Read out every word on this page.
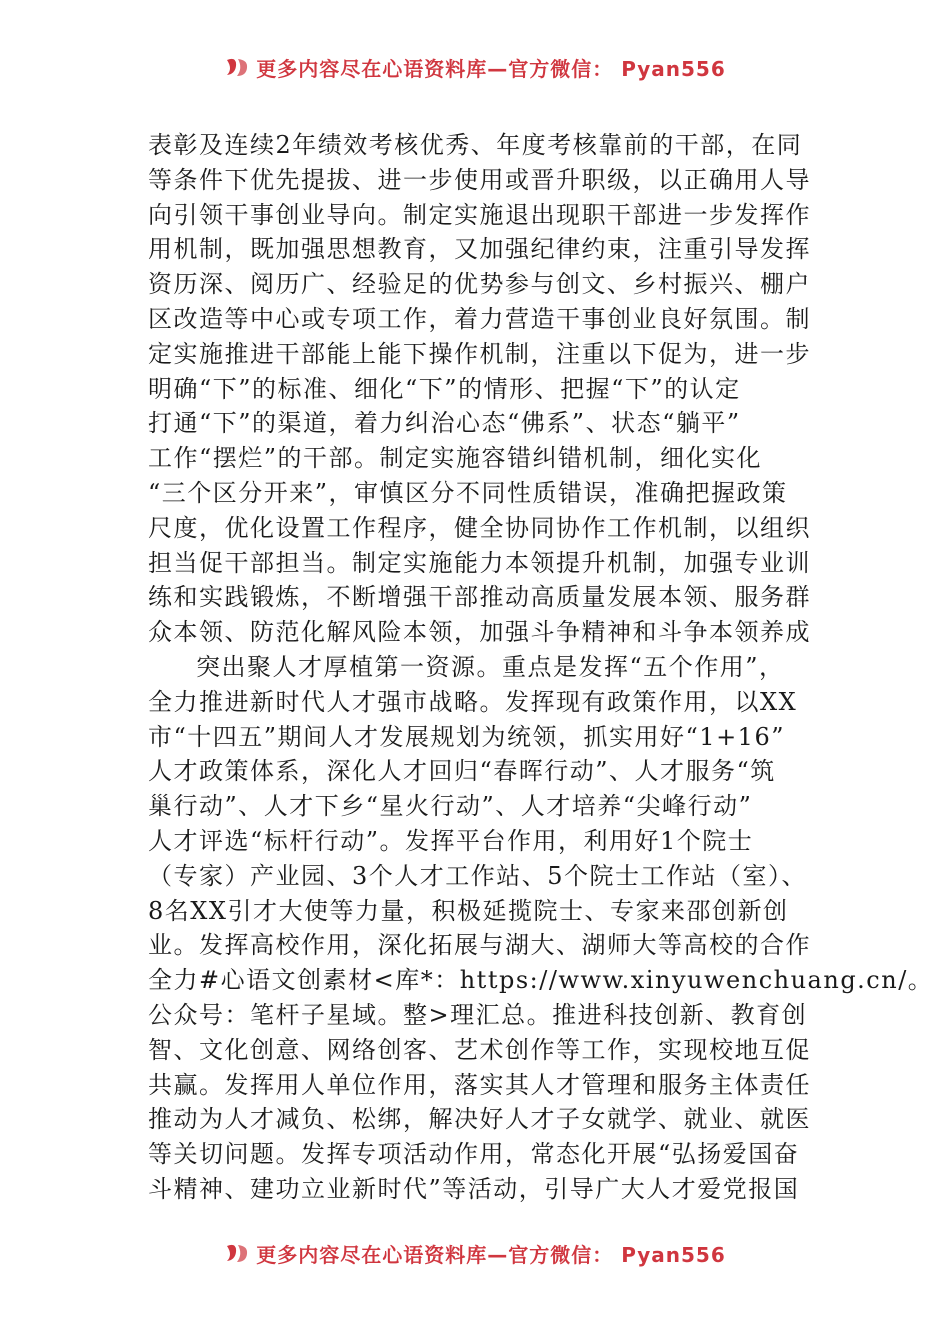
更多内容尽在心语资料库—官方微信： Pyan556
表彰及连续2年绩效考核优秀、年度考核靠前的干部，在同
等条件下优先提拔、进一步使用或晋升职级，以正确用人导
向引领干事创业导向。制定实施退出现职干部进一步发挥作
用机制，既加强思想教育，又加强纪律约束，注重引导发挥
资历深、阅历广、经验足的优势参与创文、乡村振兴、棚户
区改造等中心或专项工作，着力营造干事创业良好氛围。制
定实施推进干部能上能下操作机制，注重以下促为，进一步
明确“下”的标准、细化“下”的情形、把握“下”的认定
打通“下”的渠道，着力纠治心态“佛系”、状态“躺平”
工作“摆烂”的干部。制定实施容错纠错机制，细化实化
“三个区分开来”，审慎区分不同性质错误，准确把握政策
尺度，优化设置工作程序，健全协同协作工作机制，以组织
担当促干部担当。制定实施能力本领提升机制，加强专业训
练和实践锻炼，不断增强干部推动高质量发展本领、服务群
众本领、防范化解风险本领，加强斗争精神和斗争本领养成
突出聚人才厚植第一资源。重点是发挥“五个作用”，
全力推进新时代人才强市战略。发挥现有政策作用，以XX
市“十四五”期间人才发展规划为统领，抓实用好“1+16”
人才政策体系，深化人才回归“春晖行动”、人才服务“筑
巢行动”、人才下乡“星火行动”、人才培养“尖峰行动”
人才评选“标杆行动”。发挥平台作用，利用好1个院士
（专家）产业园、3个人才工作站、5个院士工作站（室）、
8名XX引才大使等力量，积极延揽院士、专家来邵创新创
业。发挥高校作用，深化拓展与湖大、湖师大等高校的合作
全力#心语文创素材<库*：https://www.xinyuwenchuang.cn/。
公众号：笔杆子星域。整>理汇总。推进科技创新、教育创
智、文化创意、网络创客、艺术创作等工作，实现校地互促
共赢。发挥用人单位作用，落实其人才管理和服务主体责任
推动为人才减负、松绑，解决好人才子女就学、就业、就医
等关切问题。发挥专项活动作用，常态化开展“弘扬爱国奋
斗精神、建功立业新时代”等活动，引导广大人才爱党报国
更多内容尽在心语资料库—官方微信： Pyan556
